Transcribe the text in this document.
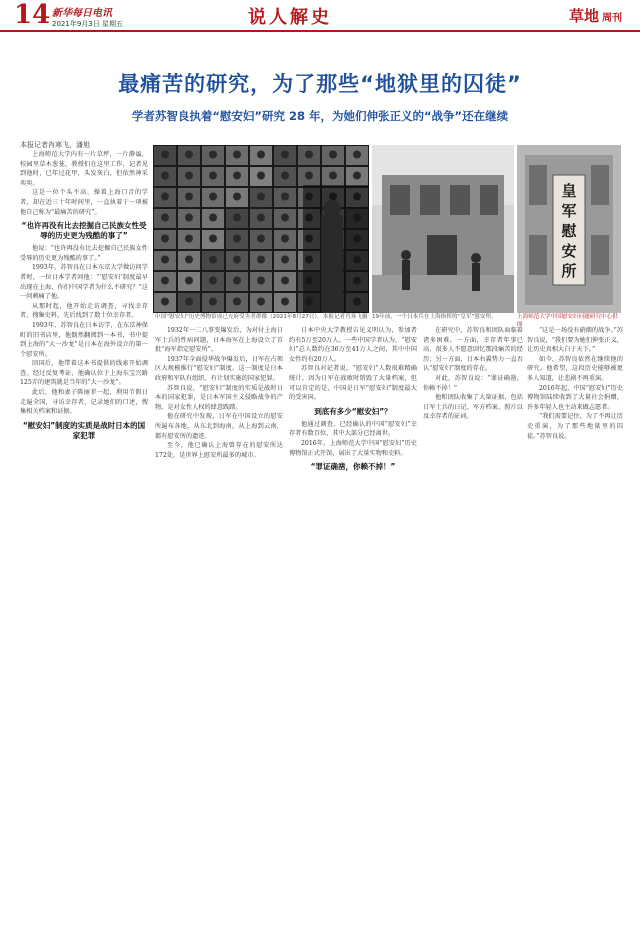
14 新华每日电讯
2021年9月3日 星期五	说人解史	草地 周刊
最痛苦的研究，为了那些“地狱里的囚徒”
学者苏智良执着“慰安妇”研究 28 年，为她们伸张正义的“战争”还在继续
本报记者肖寒飞、潘旭
中国“慰安妇”历史博物馆成已充府受害者群像（2021年8月27日）。本报记者肖寒飞摄 19年前，一个日本兵在上海指挥的“皇军”慰安所。
皇军慰安所
上海师范大学中国慰安妇问题研究中心供图

上海师范大学内有一片草坪，一片静谧，校园里草木葱茏，教授们在这里工作，记者见到他时，已年过花甲，头发灰白，但依然神采奕奕。

这是一位个头不高、操着上海口音的学者，却在近三十年时间里，一直执着于一项被他自己称为“最痛苦的研究”。

“也许再没有比去挖掘自己民族女性受辱的历史更为残酷的事了”

他说：“也许再没有比去挖掘自己民族女性受辱的历史更为残酷的事了。”

1993年，苏智良在日本东京大学做访问学者时，一位日本学者问他：“‘慰安妇’制度最早出现在上海，你们中国学者为什么不研究？”这一问刺痛了他。

从那时起，他开始走访调查，寻找幸存者，搜集史料，先后找到了数十位幸存者。

1993年，苏智良在日本访学，在东京神保町的旧书店里，他偶然翻阅到一本书，书中提到上海的“大一沙龙”是日本在海外设立的第一个慰安所。

回国后，他带着这本书提供的线索开始调查。经过反复考证，他确认位于上海东宝兴路125弄的建筑就是当年的“大一沙龙”。

此后，他和妻子陈丽菲一起，利用节假日走遍全国，寻访幸存者，记录她们的口述，搜集相关档案和证据。

“慰安妇”制度的实质是战时日本的国家犯罪

1932年一二八事变爆发后，为对付上海日军士兵的性病问题，日本海军在上海设立了首批“海军指定慰安所”。

1937年全面侵华战争爆发后，日军在占领区大规模推行“慰安妇”制度。这一制度是日本政府和军队有组织、有计划实施的国家犯罪。

苏智良说，“慰安妇”制度的实质是战时日本的国家犯罪，是日本军国主义侵略战争的产物，是对女性人权的肆意践踏。

他在研究中发现，日军在中国设立的慰安所遍布各地，从东北到海南，从上海到云南，都有慰安所的遗迹。

至今，他已确认上海曾存在的慰安所达172处，是世界上慰安所最多的城市。

日本中央大学教授吉见义明认为，参加者约有5万至20万人。一些中国学者认为，“慰安妇”总人数约在36万至41万人之间，其中中国女性约有20万人。

苏智良对记者说，“慰安妇”人数很难精确统计，因为日军在战败时销毁了大量档案，但可以肯定的是，中国是日军“慰安妇”制度最大的受害国。

到底有多少“慰安妇”？

他通过调查，已经确认的中国“慰安妇”幸存者有数百位，其中大部分已经离世。

2016年，上海师范大学中国“慰安妇”历史博物馆正式开馆，展出了大量实物和史料。

“罪证确凿，你赖不掉！”

在研究中，苏智良和团队面临着诸多困难。一方面，幸存者年事已高，很多人不愿意回忆那段痛苦的经历；另一方面，日本右翼势力一直否认“慰安妇”制度的存在。

对此，苏智良说：“罪证确凿，你赖不掉！”

他和团队收集了大量证据，包括日军士兵的日记、军方档案、照片以及幸存者的证词。

“这是一场没有硝烟的战争。”苏智良说，“我们要为她们伸张正义，让历史真相大白于天下。”

如今，苏智良依然在继续他的研究。他希望，这段历史能够被更多人知道，让悲剧不再重演。

2016年起，中国“慰安妇”历史博物馆陆续收到了大量社会捐赠，许多年轻人也主动来做志愿者。

“我们需要记住，为了不再让历史重演，为了那些地狱里的囚徒。”苏智良说。
